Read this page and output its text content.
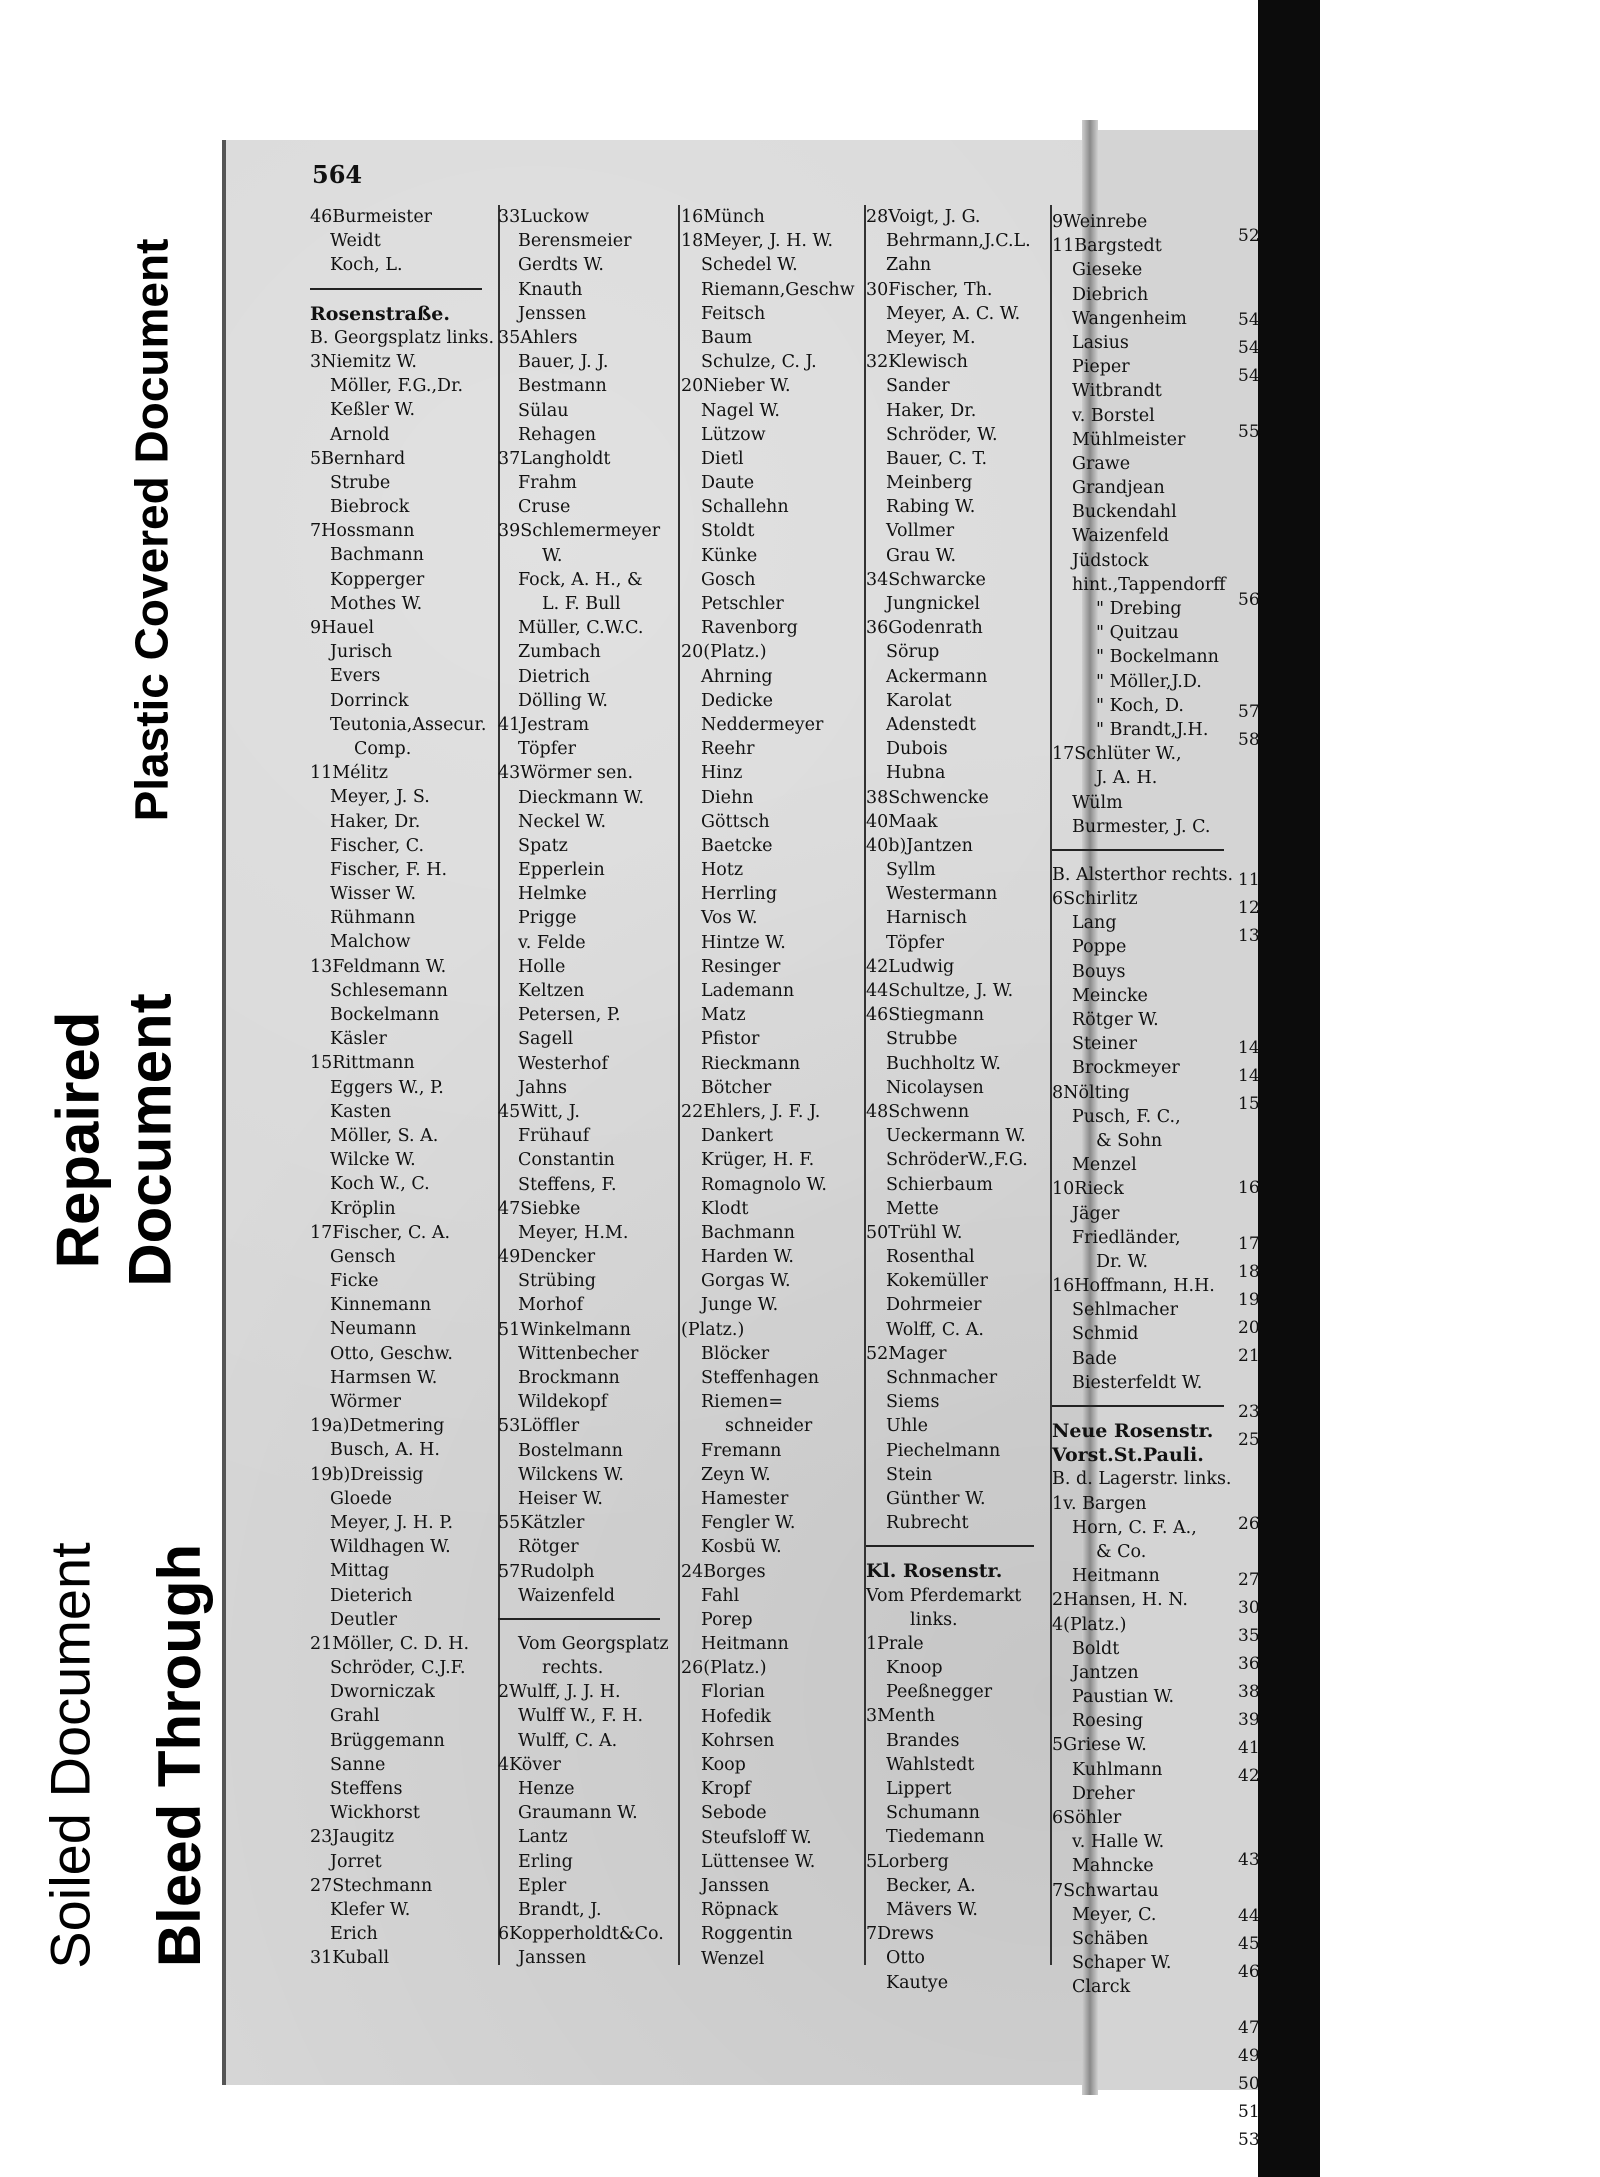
Plastic Covered Document
Repaired Document
Soiled Document Bleed Through
564
46Burmeister
Weidt
Koch, L.
Rosenstraße.
B. Georgsplatz links.
3Niemitz W.
Möller, F.G.,Dr.
Keßler W.
Arnold
5Bernhard
Strube
Biebrock
7Hossmann
Bachmann
Kopperger
Mothes W.
9Hauel
Jurisch
Evers
Dorrinck
Teutonia,Assecur.
Comp.
11Mélitz
Meyer, J. S.
Haker, Dr.
Fischer, C.
Fischer, F. H.
Wisser W.
Rühmann
Malchow
13Feldmann W.
Schlesemann
Bockelmann
Käsler
15Rittmann
Eggers W., P.
Kasten
Möller, S. A.
Wilcke W.
Koch W., C.
Kröplin
17Fischer, C. A.
Gensch
Ficke
Kinnemann
Neumann
Otto, Geschw.
Harmsen W.
Wörmer
19a)Detmering
Busch, A. H.
19b)Dreissig
Gloede
Meyer, J. H. P.
Wildhagen W.
Mittag
Dieterich
Deutler
21Möller, C. D. H.
Schröder, C.J.F.
Dworniczak
Grahl
Brüggemann
Sanne
Steffens
Wickhorst
23Jaugitz
Jorret
27Stechmann
Klefer W.
Erich
31Kuball
33Luckow
Berensmeier
Gerdts W.
Knauth
Jenssen
35Ahlers
Bauer, J. J.
Bestmann
Sülau
Rehagen
37Langholdt
Frahm
Cruse
39Schlemermeyer
W.
Fock, A. H., &
L. F. Bull
Müller, C.W.C.
Zumbach
Dietrich
Dölling W.
41Jestram
Töpfer
43Wörmer sen.
Dieckmann W.
Neckel W.
Spatz
Epperlein
Helmke
Prigge
v. Felde
Holle
Keltzen
Petersen, P.
Sagell
Westerhof
Jahns
45Witt, J.
Frühauf
Constantin
Steffens, F.
47Siebke
Meyer, H.M.
49Dencker
Strübing
Morhof
51Winkelmann
Wittenbecher
Brockmann
Wildekopf
53Löffler
Bostelmann
Wilckens W.
Heiser W.
55Kätzler
Rötger
57Rudolph
Waizenfeld
Vom Georgsplatz
rechts.
2Wulff, J. J. H.
Wulff W., F. H.
Wulff, C. A.
4Köver
Henze
Graumann W.
Lantz
Erling
Epler
Brandt, J.
6Kopperholdt&Co.
Janssen
16Münch
18Meyer, J. H. W.
Schedel W.
Riemann,Geschw
Feitsch
Baum
Schulze, C. J.
20Nieber W.
Nagel W.
Lützow
Dietl
Daute
Schallehn
Stoldt
Künke
Gosch
Petschler
Ravenborg
20(Platz.)
Ahrning
Dedicke
Neddermeyer
Reehr
Hinz
Diehn
Göttsch
Baetcke
Hotz
Herrling
Vos W.
Hintze W.
Resinger
Lademann
Matz
Pfistor
Rieckmann
Bötcher
22Ehlers, J. F. J.
Dankert
Krüger, H. F.
Romagnolo W.
Klodt
Bachmann
Harden W.
Gorgas W.
Junge W.
(Platz.)
Blöcker
Steffenhagen
Riemen=
schneider
Fremann
Zeyn W.
Hamester
Fengler W.
Kosbü W.
24Borges
Fahl
Porep
Heitmann
26(Platz.)
Florian
Hofedik
Kohrsen
Koop
Kropf
Sebode
Steufsloff W.
Lüttensee W.
Janssen
Röpnack
Roggentin
Wenzel
28Voigt, J. G.
Behrmann,J.C.L.
Zahn
30Fischer, Th.
Meyer, A. C. W.
Meyer, M.
32Klewisch
Sander
Haker, Dr.
Schröder, W.
Bauer, C. T.
Meinberg
Rabing W.
Vollmer
Grau W.
34Schwarcke
Jungnickel
36Godenrath
Sörup
Ackermann
Karolat
Adenstedt
Dubois
Hubna
38Schwencke
40Maak
40b)Jantzen
Syllm
Westermann
Harnisch
Töpfer
42Ludwig
44Schultze, J. W.
46Stiegmann
Strubbe
Buchholtz W.
Nicolaysen
48Schwenn
Ueckermann W.
SchröderW.,F.G.
Schierbaum
Mette
50Trühl W.
Rosenthal
Kokemüller
Dohrmeier
Wolff, C. A.
52Mager
Schnmacher
Siems
Uhle
Piechelmann
Stein
Günther W.
Rubrecht
Kl. Rosenstr.
Vom Pferdemarkt
links.
1Prale
Knoop
Peeßnegger
3Menth
Brandes
Wahlstedt
Lippert
Schumann
Tiedemann
5Lorberg
Becker, A.
Mävers W.
7Drews
Otto
Kautye
9Weinrebe
11Bargstedt
Gieseke
Diebrich
Wangenheim
Lasius
Pieper
Witbrandt
v. Borstel
Mühlmeister
Grawe
Grandjean
Buckendahl
Waizenfeld
Jüdstock
hint.,Tappendorff
" Drebing
" Quitzau
" Bockelmann
" Möller,J.D.
" Koch, D.
" Brandt,J.H.
17Schlüter W.,
J. A. H.
Wülm
Burmester, J. C.
B. Alsterthor rechts.
6Schirlitz
Lang
Poppe
Bouys
Meincke
Rötger W.
Steiner
Brockmeyer
8Nölting
Pusch, F. C.,
& Sohn
Menzel
10Rieck
Jäger
Friedländer,
Dr. W.
16Hoffmann, H.H.
Sehlmacher
Schmid
Bade
Biesterfeldt W.
Neue Rosenstr.
Vorst.St.Pauli.
B. d. Lagerstr. links.
1v. Bargen
Horn, C. F. A.,
& Co.
Heitmann
2Hansen, H. N.
4(Platz.)
Boldt
Jantzen
Paustian W.
Roesing
5Griese W.
Kuhlmann
Dreher
6Söhler
v. Halle W.
Mahncke
7Schwartau
Meyer, C.
Schäben
Schaper W.
Clarck
52
54
54
54
55
56
57
58
11
12
13
14
14
15
16
17
18
19
20
21
23
25
26
27
30
35
36
38
39
41
42
43
44
45
46
47
49
50
51
53
